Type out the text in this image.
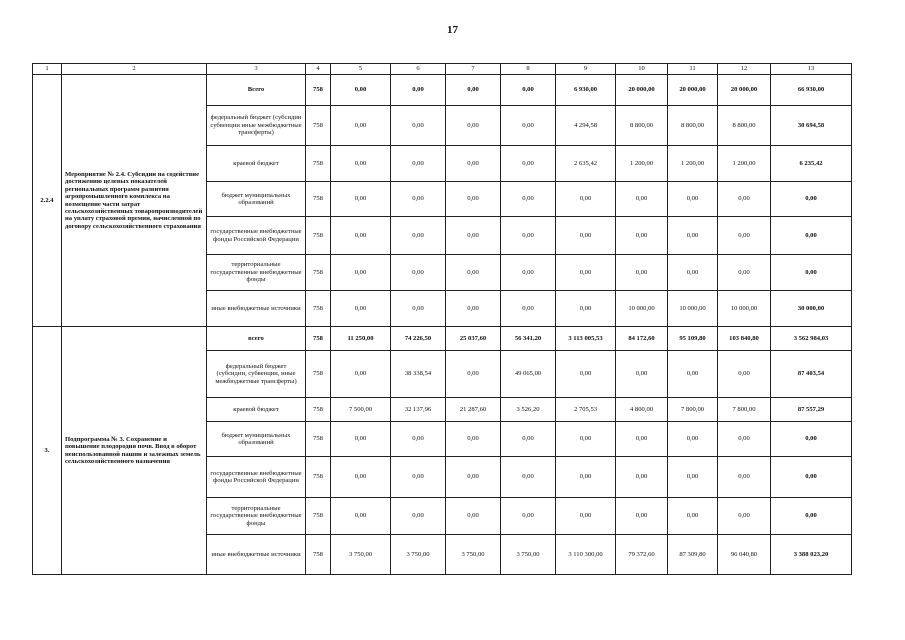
17
1	2	3	4	5	6	7	8	9	10	11	12	13
2.2.4	Мероприятие № 2.4. Субсидии на содействие достижению целевых показателей региональных программ развития агропромышленного комплекса на возмещение части затрат сельскохозяйственных товаропроизводителей на уплату страховой премии, начисленной по договору сельскохозяйственного страхования	Всего	758	0,00	0,00	0,00	0,00	6 930,00	20 000,00	20 000,00	20 000,00	66 930,00
		федеральный бюджет (субсидии субвенции иные межбюджетные трансферты)	758	0,00	0,00	0,00	0,00	4 294,58	8 800,00	8 800,00	8 800,00	30 694,58
		краевой бюджет	758	0,00	0,00	0,00	0,00	2 635,42	1 200,00	1 200,00	1 200,00	6 235,42
		бюджет муниципальных образований	758	0,00	0,00	0,00	0,00	0,00	0,00	0,00	0,00	0,00
		государственные внебюджетные фонды Российской Федерации	758	0,00	0,00	0,00	0,00	0,00	0,00	0,00	0,00	0,00
		территориальные государственные внебюджетные фонды	758	0,00	0,00	0,00	0,00	0,00	0,00	0,00	0,00	0,00
		иные внебюджетные источники	758	0,00	0,00	0,00	0,00	0,00	10 000,00	10 000,00	10 000,00	30 000,00
3.	Подпрограмма № 3. Сохранение и повышение плодородия почв. Ввод в оборот неиспользованной пашни и залежных земель сельскохозяйственного назначения	всего	758	11 250,00	74 226,50	25 037,60	56 341,20	3 113 005,53	84 172,60	95 109,80	103 840,80	3 562 984,03
		федеральный бюджет (субсидии, субвенции, иные межбюджетные трансферты)	758	0,00	38 338,54	0,00	49 065,00	0,00	0,00	0,00	0,00	87 403,54
		краевой бюджет	758	7 500,00	32 137,96	21 287,60	3 526,20	2 705,53	4 800,00	7 800,00	7 800,00	87 557,29
		бюджет муниципальных образований	758	0,00	0,00	0,00	0,00	0,00	0,00	0,00	0,00	0,00
		государственные внебюджетные фонды Российской Федерации	758	0,00	0,00	0,00	0,00	0,00	0,00	0,00	0,00	0,00
		территориальные государственные внебюджетные фонды	758	0,00	0,00	0,00	0,00	0,00	0,00	0,00	0,00	0,00
		иные внебюджетные источники	758	3 750,00	3 750,00	3 750,00	3 750,00	3 110 300,00	79 372,60	87 309,80	96 040,80	3 388 023,20
